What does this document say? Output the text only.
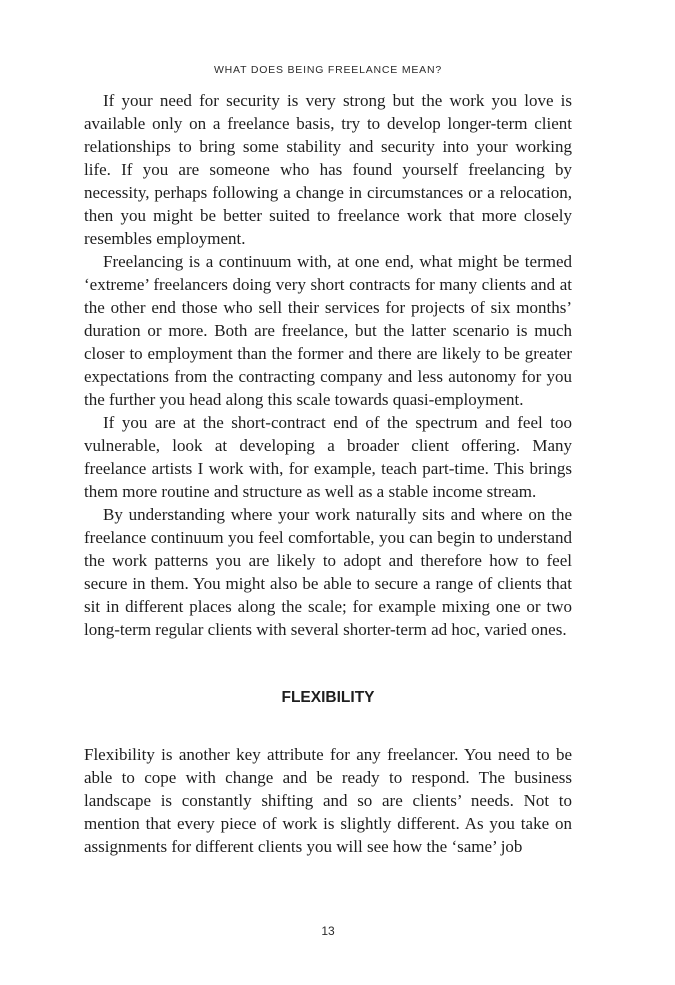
WHAT DOES BEING FREELANCE MEAN?

If your need for security is very strong but the work you love is available only on a freelance basis, try to develop longer-term client relationships to bring some stability and security into your working life. If you are someone who has found yourself freelancing by necessity, perhaps following a change in circumstances or a relocation, then you might be better suited to freelance work that more closely resembles employment.

Freelancing is a continuum with, at one end, what might be termed ‘extreme’ freelancers doing very short contracts for many clients and at the other end those who sell their services for projects of six months’ duration or more. Both are freelance, but the latter scenario is much closer to employment than the former and there are likely to be greater expectations from the contracting company and less autonomy for you the further you head along this scale towards quasi-employment.

If you are at the short-contract end of the spectrum and feel too vulnerable, look at developing a broader client offering. Many freelance artists I work with, for example, teach part-time. This brings them more routine and structure as well as a stable income stream.

By understanding where your work naturally sits and where on the freelance continuum you feel comfortable, you can begin to understand the work patterns you are likely to adopt and therefore how to feel secure in them. You might also be able to secure a range of clients that sit in different places along the scale; for example mixing one or two long-term regular clients with several shorter-term ad hoc, varied ones.

FLEXIBILITY

Flexibility is another key attribute for any freelancer. You need to be able to cope with change and be ready to respond. The business landscape is constantly shifting and so are clients’ needs. Not to mention that every piece of work is slightly different. As you take on assignments for different clients you will see how the ‘same’ job

13
